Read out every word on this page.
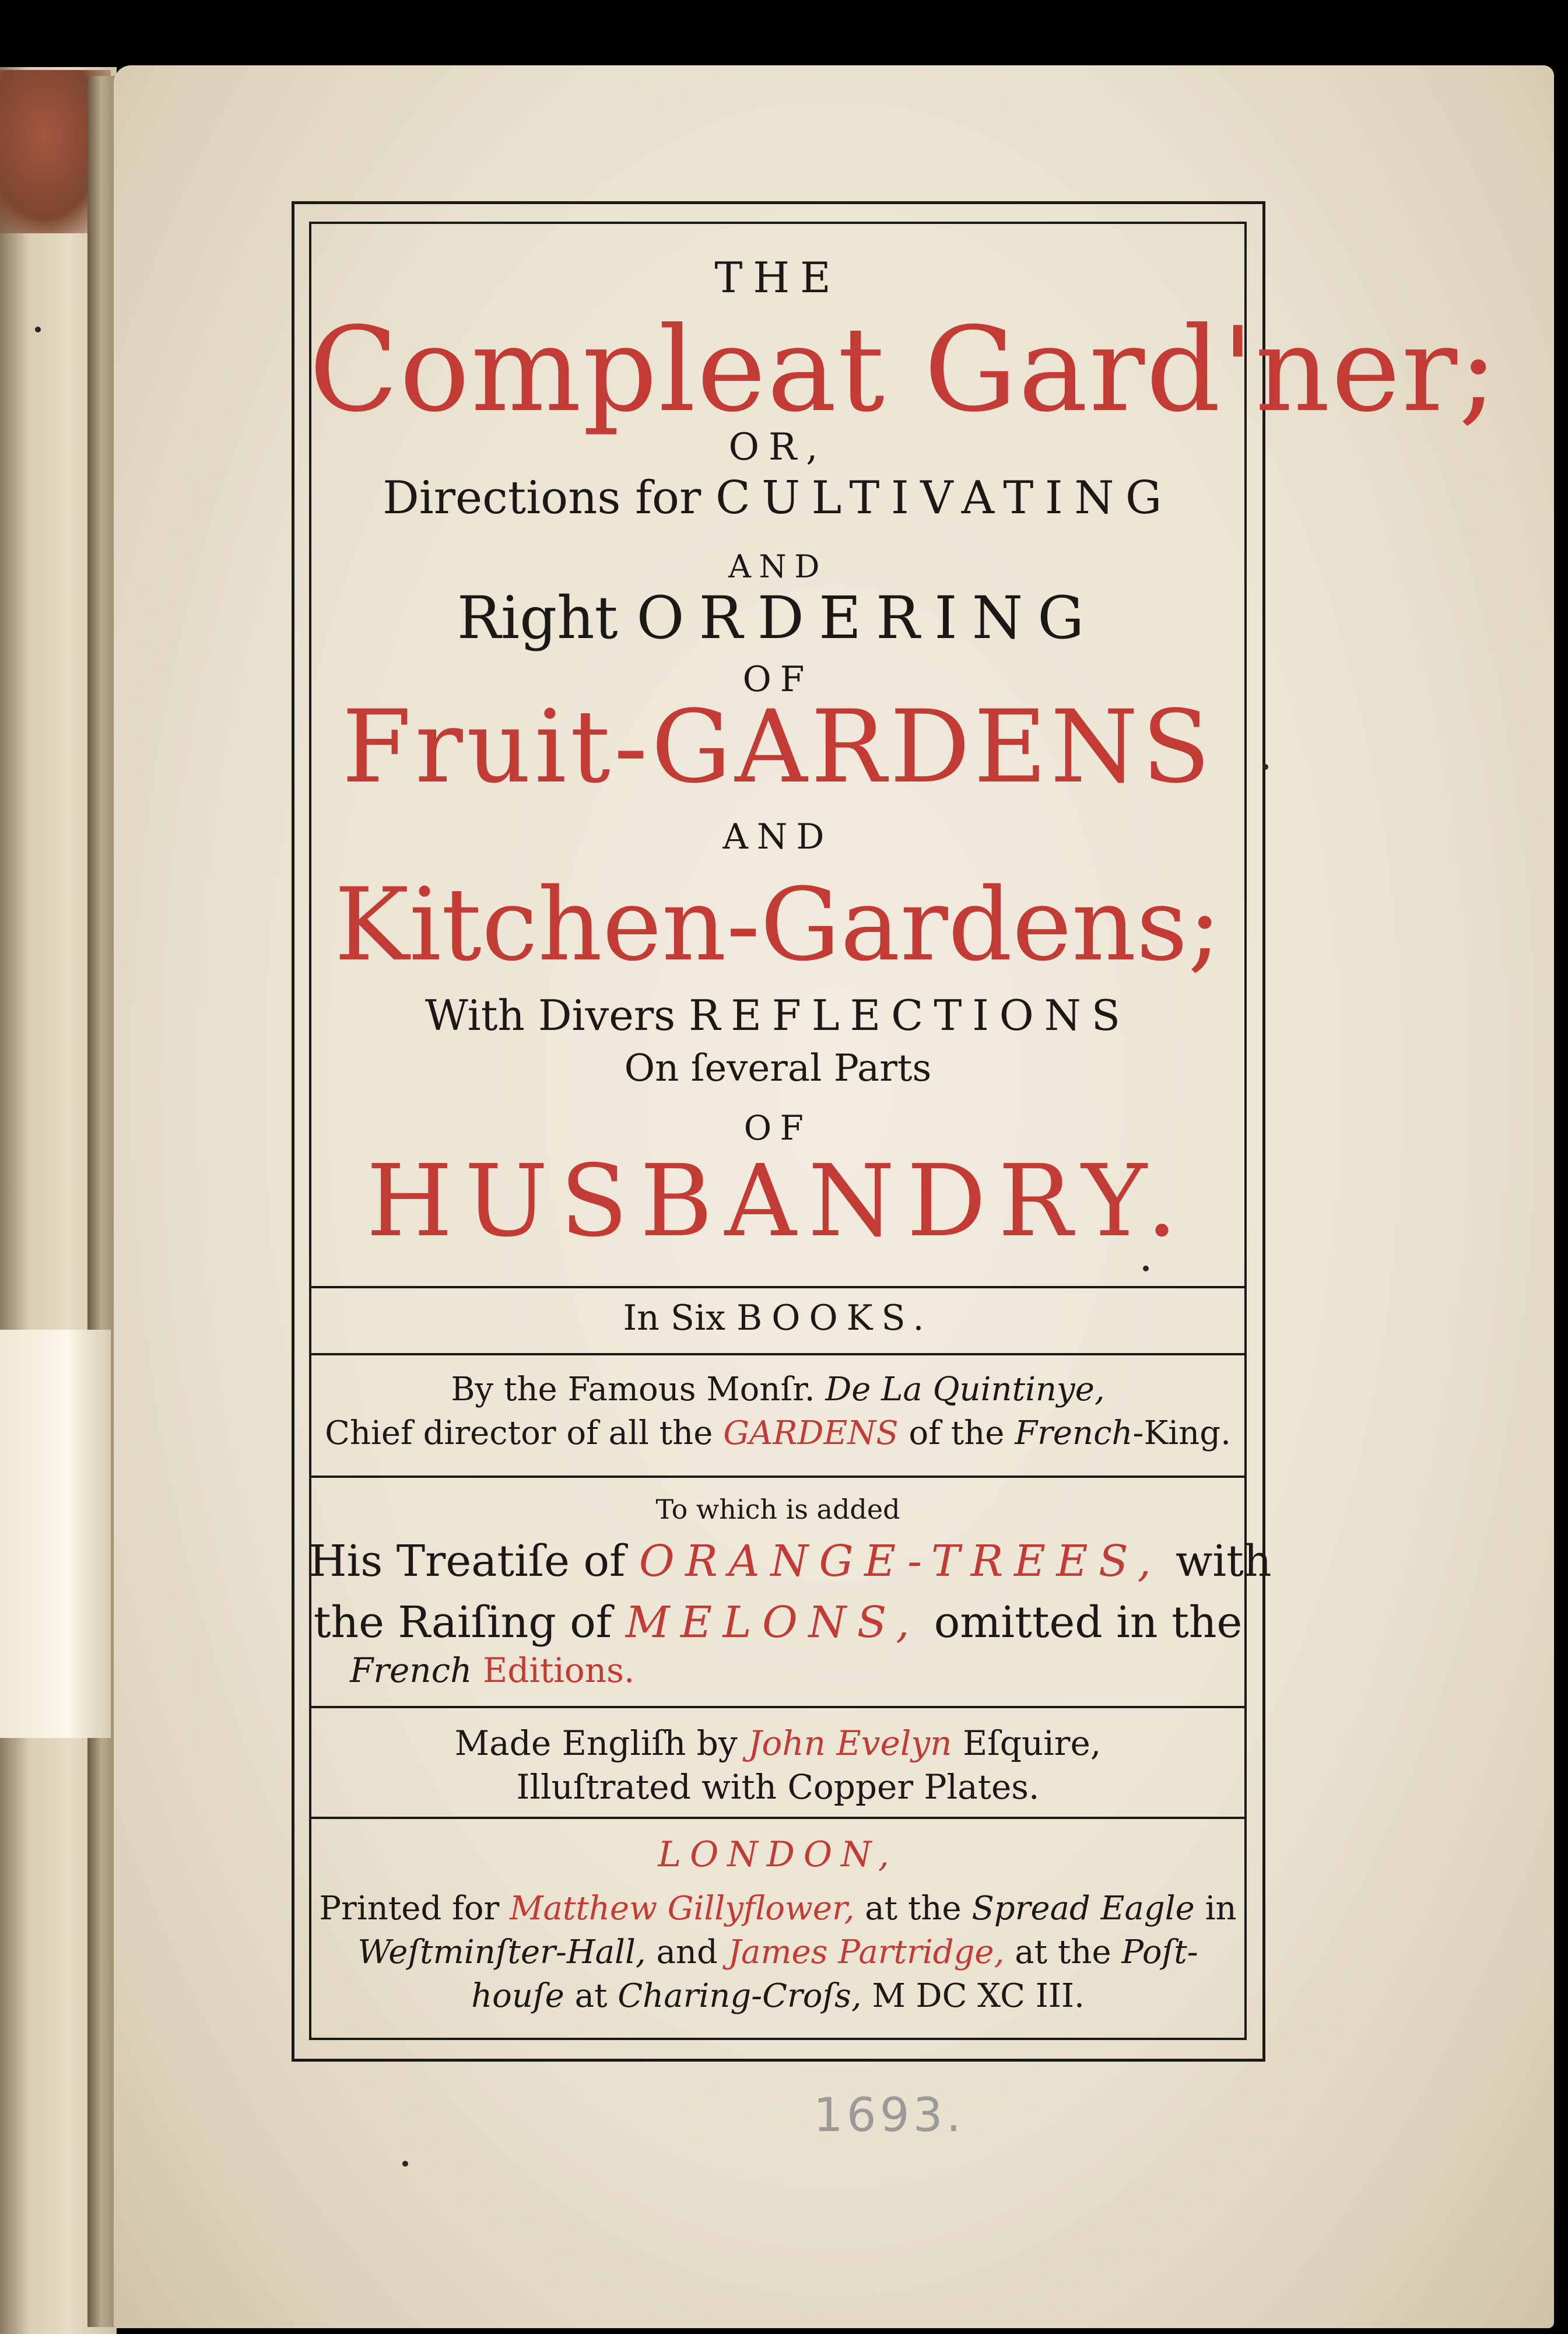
THE

Compleat Gard'ner;

OR,

Directions for CULTIVATING

AND

Right ORDERING

OF

Fruit-GARDENS

AND

Kitchen-Gardens;

With Divers REFLECTIONS

On ſeveral Parts

OF

HUSBANDRY.

In Six BOOKS.

By the Famous Monſr. De La Quintinye,

Chief director of all the GARDENS of the French-King.

To which is added

His Treatiſe of ORANGE-TREES, with

the Raiſing of MELONS, omitted in the

French Editions.

Made Engliſh by John Evelyn Eſquire,

Illuſtrated with Copper Plates.

LONDON,

Printed for Matthew Gillyflower, at the Spread Eagle in

Weſtminſter-Hall, and James Partridge, at the Poſt-

houſe at Charing-Croſs, M DC XC III.

1693.
